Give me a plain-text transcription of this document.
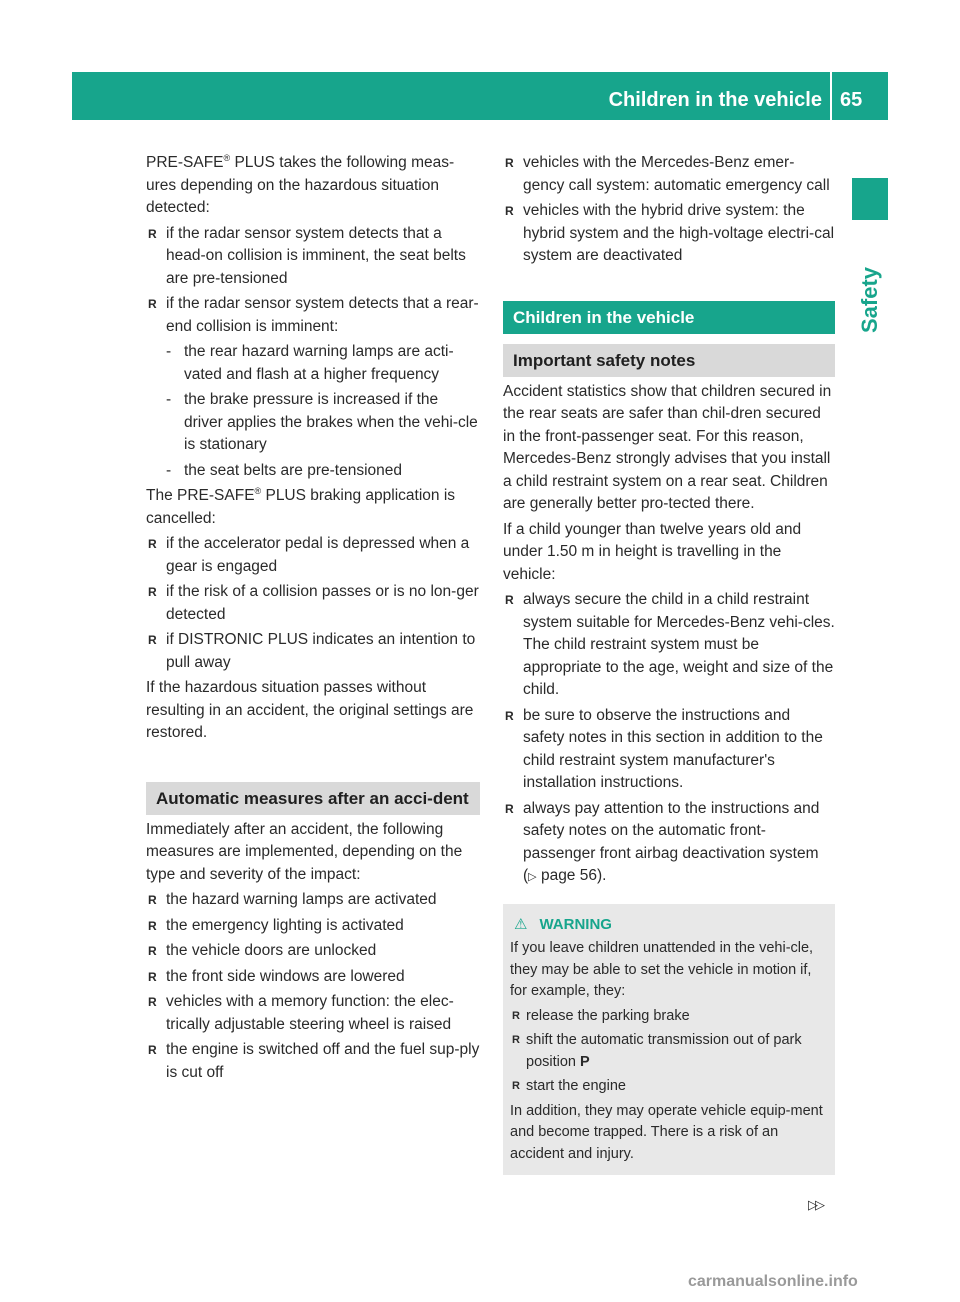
Children in the vehicle 65
Safety

PRE-SAFE® PLUS takes the following meas-ures depending on the hazardous situation detected:

R if the radar sensor system detects that a head-on collision is imminent, the seat belts are pre-tensioned
R if the radar sensor system detects that a rear-end collision is imminent:
- the rear hazard warning lamps are acti-vated and flash at a higher frequency
- the brake pressure is increased if the driver applies the brakes when the vehi-cle is stationary
- the seat belts are pre-tensioned

The PRE-SAFE® PLUS braking application is cancelled:

R if the accelerator pedal is depressed when a gear is engaged
R if the risk of a collision passes or is no lon-ger detected
R if DISTRONIC PLUS indicates an intention to pull away

If the hazardous situation passes without resulting in an accident, the original settings are restored.

Automatic measures after an acci-dent

Immediately after an accident, the following measures are implemented, depending on the type and severity of the impact:

R the hazard warning lamps are activated
R the emergency lighting is activated
R the vehicle doors are unlocked
R the front side windows are lowered
R vehicles with a memory function: the elec-trically adjustable steering wheel is raised
R the engine is switched off and the fuel sup-ply is cut off
R vehicles with the Mercedes-Benz emer-gency call system: automatic emergency call
R vehicles with the hybrid drive system: the hybrid system and the high-voltage electri-cal system are deactivated
Children in the vehicle
Important safety notes

Accident statistics show that children secured in the rear seats are safer than chil-dren secured in the front-passenger seat. For this reason, Mercedes-Benz strongly advises that you install a child restraint system on a rear seat. Children are generally better pro-tected there.

If a child younger than twelve years old and under 1.50 m in height is travelling in the vehicle:

R always secure the child in a child restraint system suitable for Mercedes-Benz vehi-cles. The child restraint system must be appropriate to the age, weight and size of the child.
R be sure to observe the instructions and safety notes in this section in addition to the child restraint system manufacturer's installation instructions.
R always pay attention to the instructions and safety notes on the automatic front-passenger front airbag deactivation system (▷ page 56).
⚠ WARNING

If you leave children unattended in the vehi-cle, they may be able to set the vehicle in motion if, for example, they:

R release the parking brake
R shift the automatic transmission out of park position P
R start the engine

In addition, they may operate vehicle equip-ment and become trapped. There is a risk of an accident and injury.

▷▷
carmanualsonline.info
